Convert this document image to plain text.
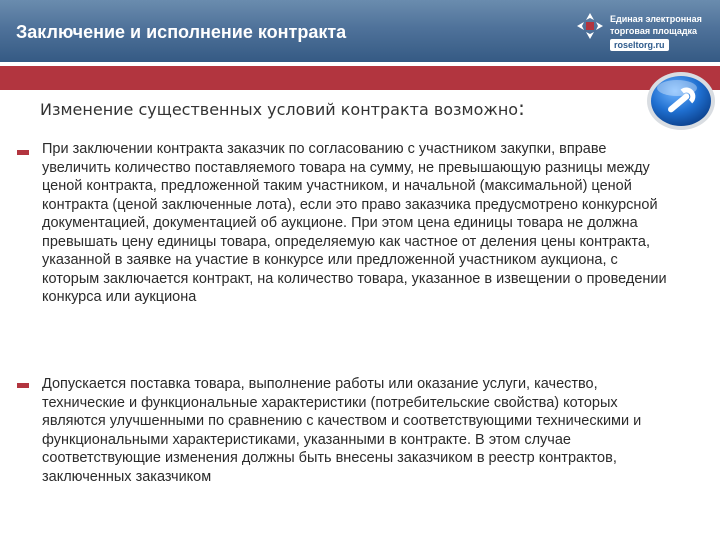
Заключение и исполнение контракта
Единая электронная
торговая площадка
roseltorg.ru
Изменение существенных условий контракта возможно:
При заключении контракта заказчик по согласованию с участником закупки, вправе увеличить количество поставляемого товара на сумму, не превышающую разницы между ценой контракта, предложенной таким участником, и начальной (максимальной) ценой контракта (ценой заключенные лота), если это право заказчика предусмотрено конкурсной документацией, документацией об аукционе. При этом цена единицы товара не должна превышать цену единицы товара, определяемую как частное от деления цены контракта, указанной в заявке на участие в конкурсе или предложенной участником аукциона, с которым заключается контракт, на количество товара, указанное в извещении о проведении конкурса или аукциона
Допускается поставка товара, выполнение работы или оказание услуги, качество, технические и функциональные характеристики (потребительские свойства) которых являются улучшенными по сравнению с качеством и соответствующими техническими и функциональными характеристиками, указанными в контракте. В этом случае соответствующие изменения должны быть внесены заказчиком в реестр контрактов, заключенных заказчиком
